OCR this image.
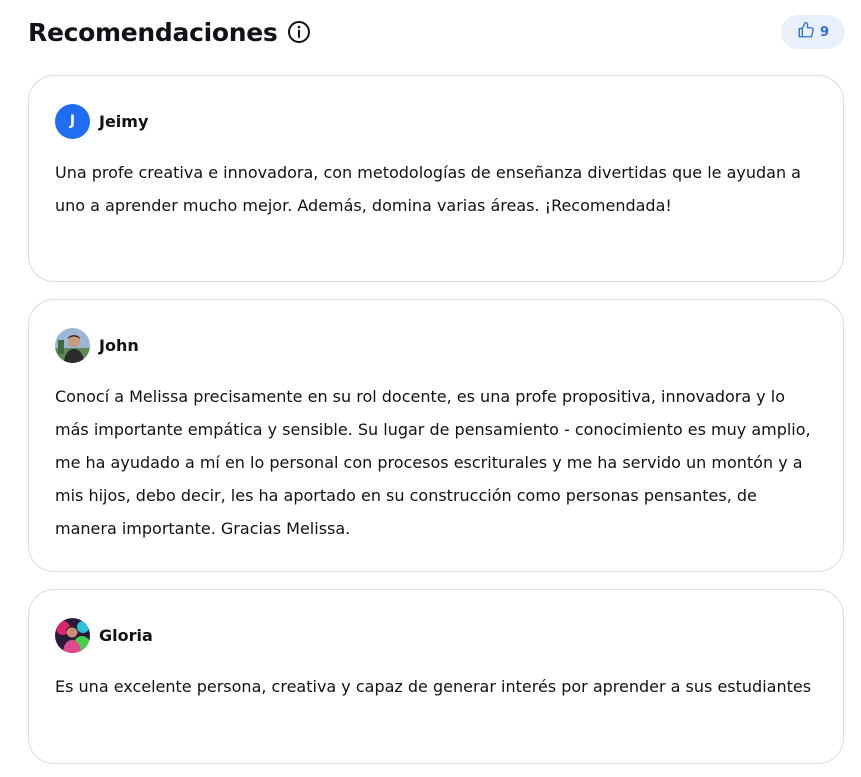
Recomendaciones	9
J Jeimy

Una profe creativa e innovadora, con metodologías de enseñanza divertidas que le ayudan a uno a aprender mucho mejor. Además, domina varias áreas. ¡Recomendada!

John

Conocí a Melissa precisamente en su rol docente, es una profe propositiva, innovadora y lo más importante empática y sensible. Su lugar de pensamiento - conocimiento es muy amplio, me ha ayudado a mí en lo personal con procesos escriturales y me ha servido un montón y a mis hijos, debo decir, les ha aportado en su construcción como personas pensantes, de manera importante. Gracias Melissa.

Gloria

Es una excelente persona, creativa y capaz de generar interés por aprender a sus estudiantes
